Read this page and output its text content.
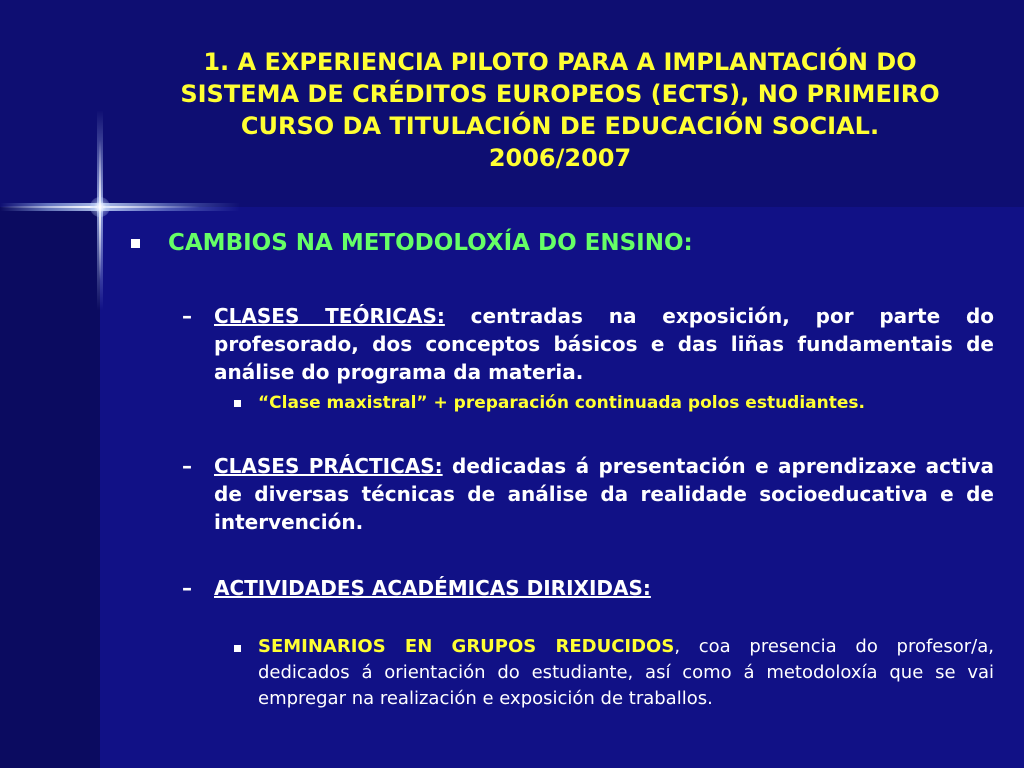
1. A EXPERIENCIA PILOTO PARA A IMPLANTACIÓN DO
SISTEMA DE CRÉDITOS EUROPEOS (ECTS), NO PRIMEIRO
CURSO DA TITULACIÓN DE EDUCACIÓN SOCIAL.
2006/2007
CAMBIOS NA METODOLOXÍA DO ENSINO:
– CLASES TEÓRICAS: centradas na exposición, por parte do profesorado, dos conceptos básicos e das liñas fundamentais de análise do programa da materia.
“Clase maxistral” + preparación continuada polos estudiantes.
– CLASES PRÁCTICAS: dedicadas á presentación e aprendizaxe activa de diversas técnicas de análise da realidade socioeducativa e de intervención.
– ACTIVIDADES ACADÉMICAS DIRIXIDAS:
SEMINARIOS EN GRUPOS REDUCIDOS, coa presencia do profesor/a, dedicados á orientación do estudiante, así como á metodoloxía que se vai empregar na realización e exposición de traballos.
